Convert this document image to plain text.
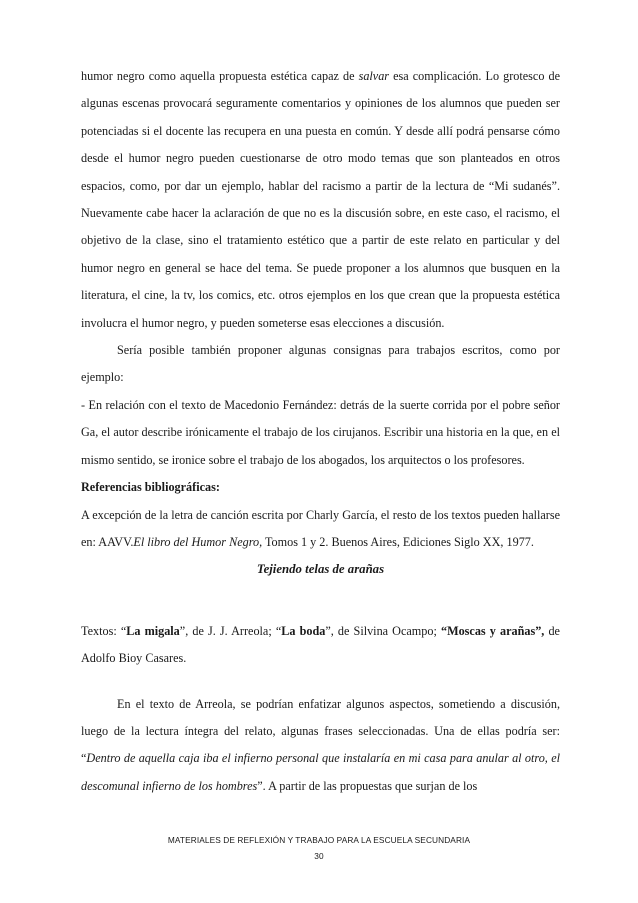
humor negro como aquella propuesta estética capaz de salvar esa complicación. Lo grotesco de algunas escenas provocará seguramente comentarios y opiniones de los alumnos que pueden ser potenciadas si el docente las recupera en una puesta en común. Y desde allí podrá pensarse cómo desde el humor negro pueden cuestionarse de otro modo temas que son planteados en otros espacios, como, por dar un ejemplo, hablar del racismo a partir de la lectura de “Mi sudanés”. Nuevamente cabe hacer la aclaración de que no es la discusión sobre, en este caso, el racismo, el objetivo de la clase, sino el tratamiento estético que a partir de este relato en particular y del humor negro en general se hace del tema. Se puede proponer a los alumnos que busquen en la literatura, el cine, la tv, los comics, etc. otros ejemplos en los que crean que la propuesta estética involucra el humor negro, y pueden someterse esas elecciones a discusión.

Sería posible también proponer algunas consignas para trabajos escritos, como por ejemplo:

- En relación con el texto de Macedonio Fernández: detrás de la suerte corrida por el pobre señor Ga, el autor describe irónicamente el trabajo de los cirujanos. Escribir una historia en la que, en el mismo sentido, se ironice sobre el trabajo de los abogados, los arquitectos o los profesores.

Referencias bibliográficas:

A excepción de la letra de canción escrita por Charly García, el resto de los textos pueden hallarse en: AAVV.El libro del Humor Negro, Tomos 1 y 2. Buenos Aires, Ediciones Siglo XX, 1977.

Tejiendo telas de arañas

Textos: “La migala”, de J. J. Arreola; “La boda”, de Silvina Ocampo; “Moscas y arañas”, de Adolfo Bioy Casares.

En el texto de Arreola, se podrían enfatizar algunos aspectos, sometiendo a discusión, luego de la lectura íntegra del relato, algunas frases seleccionadas. Una de ellas podría ser: “Dentro de aquella caja iba el infierno personal que instalaría en mi casa para anular al otro, el descomunal infierno de los hombres”. A partir de las propuestas que surjan de los

MATERIALES DE REFLEXIÓN Y TRABAJO PARA LA ESCUELA SECUNDARIA
30
